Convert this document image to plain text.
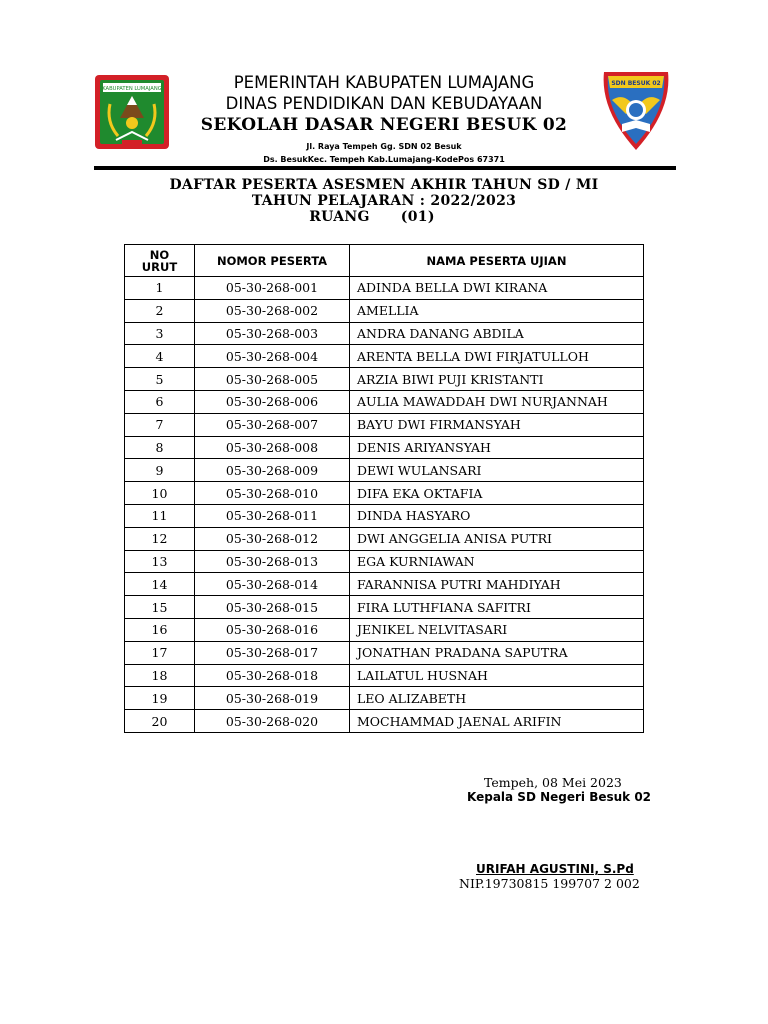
KABUPATEN LUMAJANG
SDN BESUK 02
PEMERINTAH KABUPATEN LUMAJANG
DINAS PENDIDIKAN DAN KEBUDAYAAN
SEKOLAH DASAR NEGERI BESUK 02
Jl. Raya Tempeh Gg. SDN 02 Besuk
Ds. BesukKec. Tempeh Kab.Lumajang-KodePos 67371
DAFTAR PESERTA ASESMEN AKHIR TAHUN SD / MI
TAHUN PELAJARAN : 2022/2023
RUANG      (01)
NO
URUT	NOMOR PESERTA	NAMA PESERTA UJIAN
1	05-30-268-001	ADINDA BELLA DWI KIRANA
2	05-30-268-002	AMELLIA
3	05-30-268-003	ANDRA DANANG ABDILA
4	05-30-268-004	ARENTA BELLA DWI FIRJATULLOH
5	05-30-268-005	ARZIA BIWI PUJI KRISTANTI
6	05-30-268-006	AULIA MAWADDAH DWI NURJANNAH
7	05-30-268-007	BAYU DWI FIRMANSYAH
8	05-30-268-008	DENIS ARIYANSYAH
9	05-30-268-009	DEWI WULANSARI
10	05-30-268-010	DIFA EKA OKTAFIA
11	05-30-268-011	DINDA HASYARO
12	05-30-268-012	DWI ANGGELIA ANISA PUTRI
13	05-30-268-013	EGA KURNIAWAN
14	05-30-268-014	FARANNISA PUTRI MAHDIYAH
15	05-30-268-015	FIRA LUTHFIANA SAFITRI
16	05-30-268-016	JENIKEL NELVITASARI
17	05-30-268-017	JONATHAN PRADANA SAPUTRA
18	05-30-268-018	LAILATUL HUSNAH
19	05-30-268-019	LEO ALIZABETH
20	05-30-268-020	MOCHAMMAD JAENAL ARIFIN
Tempeh, 08 Mei 2023
Kepala SD Negeri Besuk 02
URIFAH AGUSTINI, S.Pd
NIP.19730815 199707 2 002
